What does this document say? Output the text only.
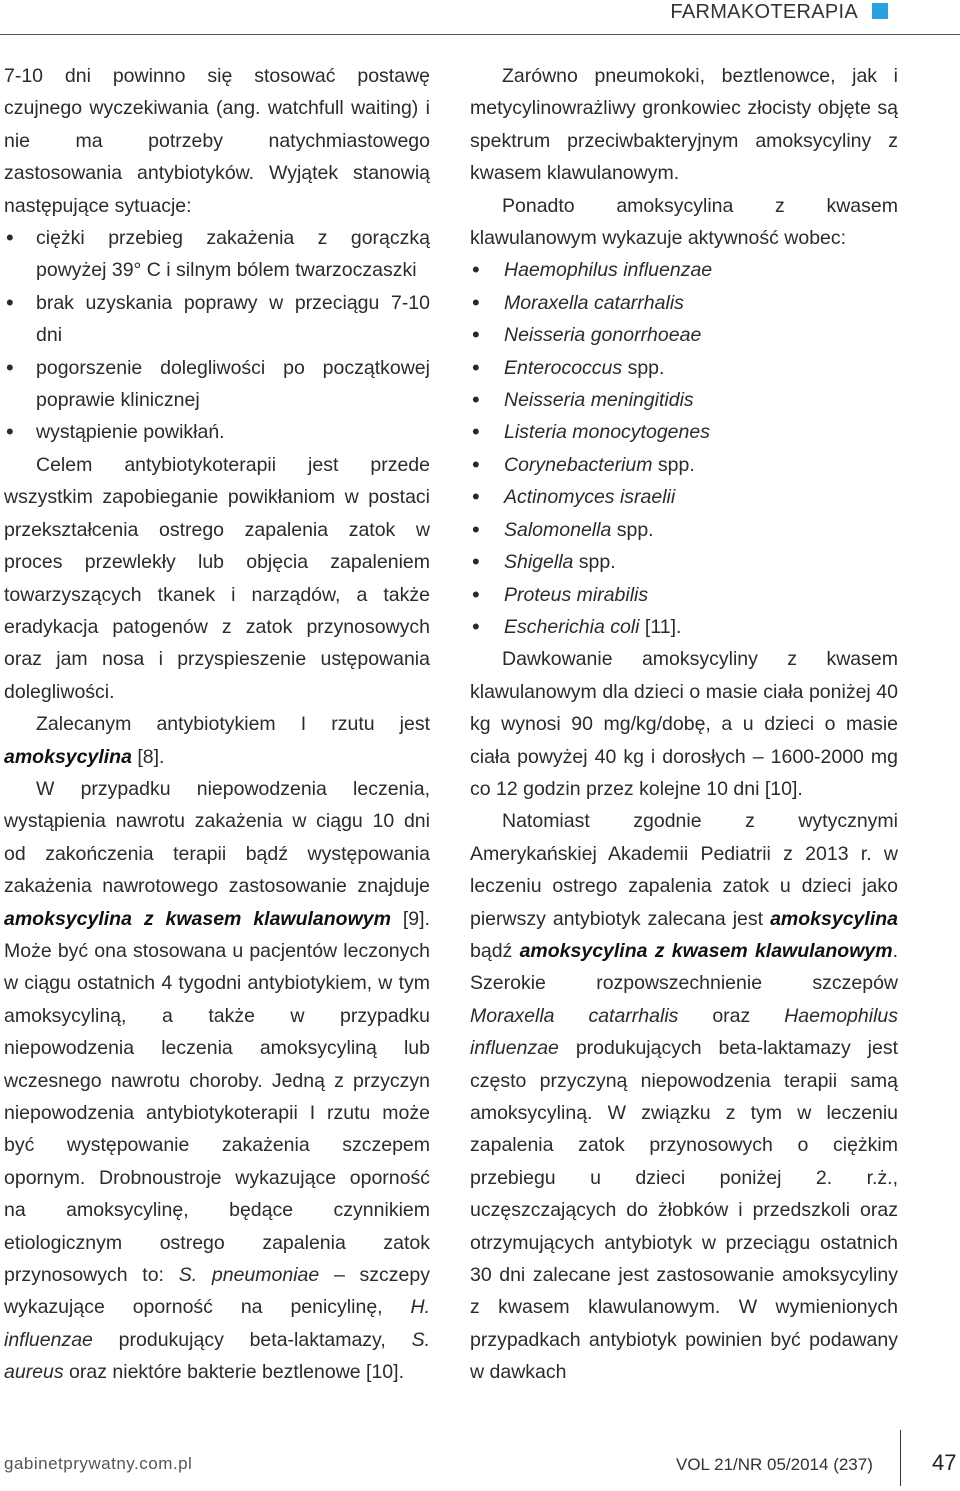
FARMAKOTERAPIA

7-10 dni powinno się stosować postawę czujnego wyczekiwania (ang. watchfull waiting) i nie ma potrzeby natychmiastowego zastosowania antybiotyków. Wyjątek stanowią następujące sytuacje:

• ciężki przebieg zakażenia z gorączką powyżej 39° C i silnym bólem twarzoczaszki
• brak uzyskania poprawy w przeciągu 7-10 dni
• pogorszenie dolegliwości po początkowej poprawie klinicznej
• wystąpienie powikłań.

Celem antybiotykoterapii jest przede wszystkim zapobieganie powikłaniom w postaci przekształcenia ostrego zapalenia zatok w proces przewlekły lub objęcia zapaleniem towarzyszących tkanek i narządów, a także eradykacja patogenów z zatok przynosowych oraz jam nosa i przyspieszenie ustępowania dolegliwości.

Zalecanym antybiotykiem I rzutu jest amoksycylina [8].

W przypadku niepowodzenia leczenia, wystąpienia nawrotu zakażenia w ciągu 10 dni od zakończenia terapii bądź występowania zakażenia nawrotowego zastosowanie znajduje amoksycylina z kwasem klawulanowym [9]. Może być ona stosowana u pacjentów leczonych w ciągu ostatnich 4 tygodni antybiotykiem, w tym amoksycyliną, a także w przypadku niepowodzenia leczenia amoksycyliną lub wczesnego nawrotu choroby. Jedną z przyczyn niepowodzenia antybiotykoterapii I rzutu może być występowanie zakażenia szczepem opornym. Drobnoustroje wykazujące oporność na amoksycylinę, będące czynnikiem etiologicznym ostrego zapalenia zatok przynosowych to: S. pneumoniae – szczepy wykazujące oporność na penicylinę, H. influenzae produkujący beta-laktamazy, S. aureus oraz niektóre bakterie beztlenowe [10].

Zarówno pneumokoki, beztlenowce, jak i metycylinowrażliwy gronkowiec złocisty objęte są spektrum przeciwbakteryjnym amoksycyliny z kwasem klawulanowym.

Ponadto amoksycylina z kwasem klawulanowym wykazuje aktywność wobec:

• Haemophilus influenzae
• Moraxella catarrhalis
• Neisseria gonorrhoeae
• Enterococcus spp.
• Neisseria meningitidis
• Listeria monocytogenes
• Corynebacterium spp.
• Actinomyces israelii
• Salomonella spp.
• Shigella spp.
• Proteus mirabilis
• Escherichia coli [11].

Dawkowanie amoksycyliny z kwasem klawulanowym dla dzieci o masie ciała poniżej 40 kg wynosi 90 mg/kg/dobę, a u dzieci o masie ciała powyżej 40 kg i dorosłych – 1600-2000 mg co 12 godzin przez kolejne 10 dni [10].

Natomiast zgodnie z wytycznymi Amerykańskiej Akademii Pediatrii z 2013 r. w leczeniu ostrego zapalenia zatok u dzieci jako pierwszy antybiotyk zalecana jest amoksycylina bądź amoksycylina z kwasem klawulanowym. Szerokie rozpowszechnienie szczepów Moraxella catarrhalis oraz Haemophilus influenzae produkujących beta-laktamazy jest często przyczyną niepowodzenia terapii samą amoksycyliną. W związku z tym w leczeniu zapalenia zatok przynosowych o ciężkim przebiegu u dzieci poniżej 2. r.ż., uczęszczających do żłobków i przedszkoli oraz otrzymujących antybiotyk w przeciągu ostatnich 30 dni zalecane jest zastosowanie amoksycyliny z kwasem klawulanowym. W wymienionych przypadkach antybiotyk powinien być podawany w dawkach

gabinetprywatny.com.pl	VOL 21/NR 05/2014 (237)	47
